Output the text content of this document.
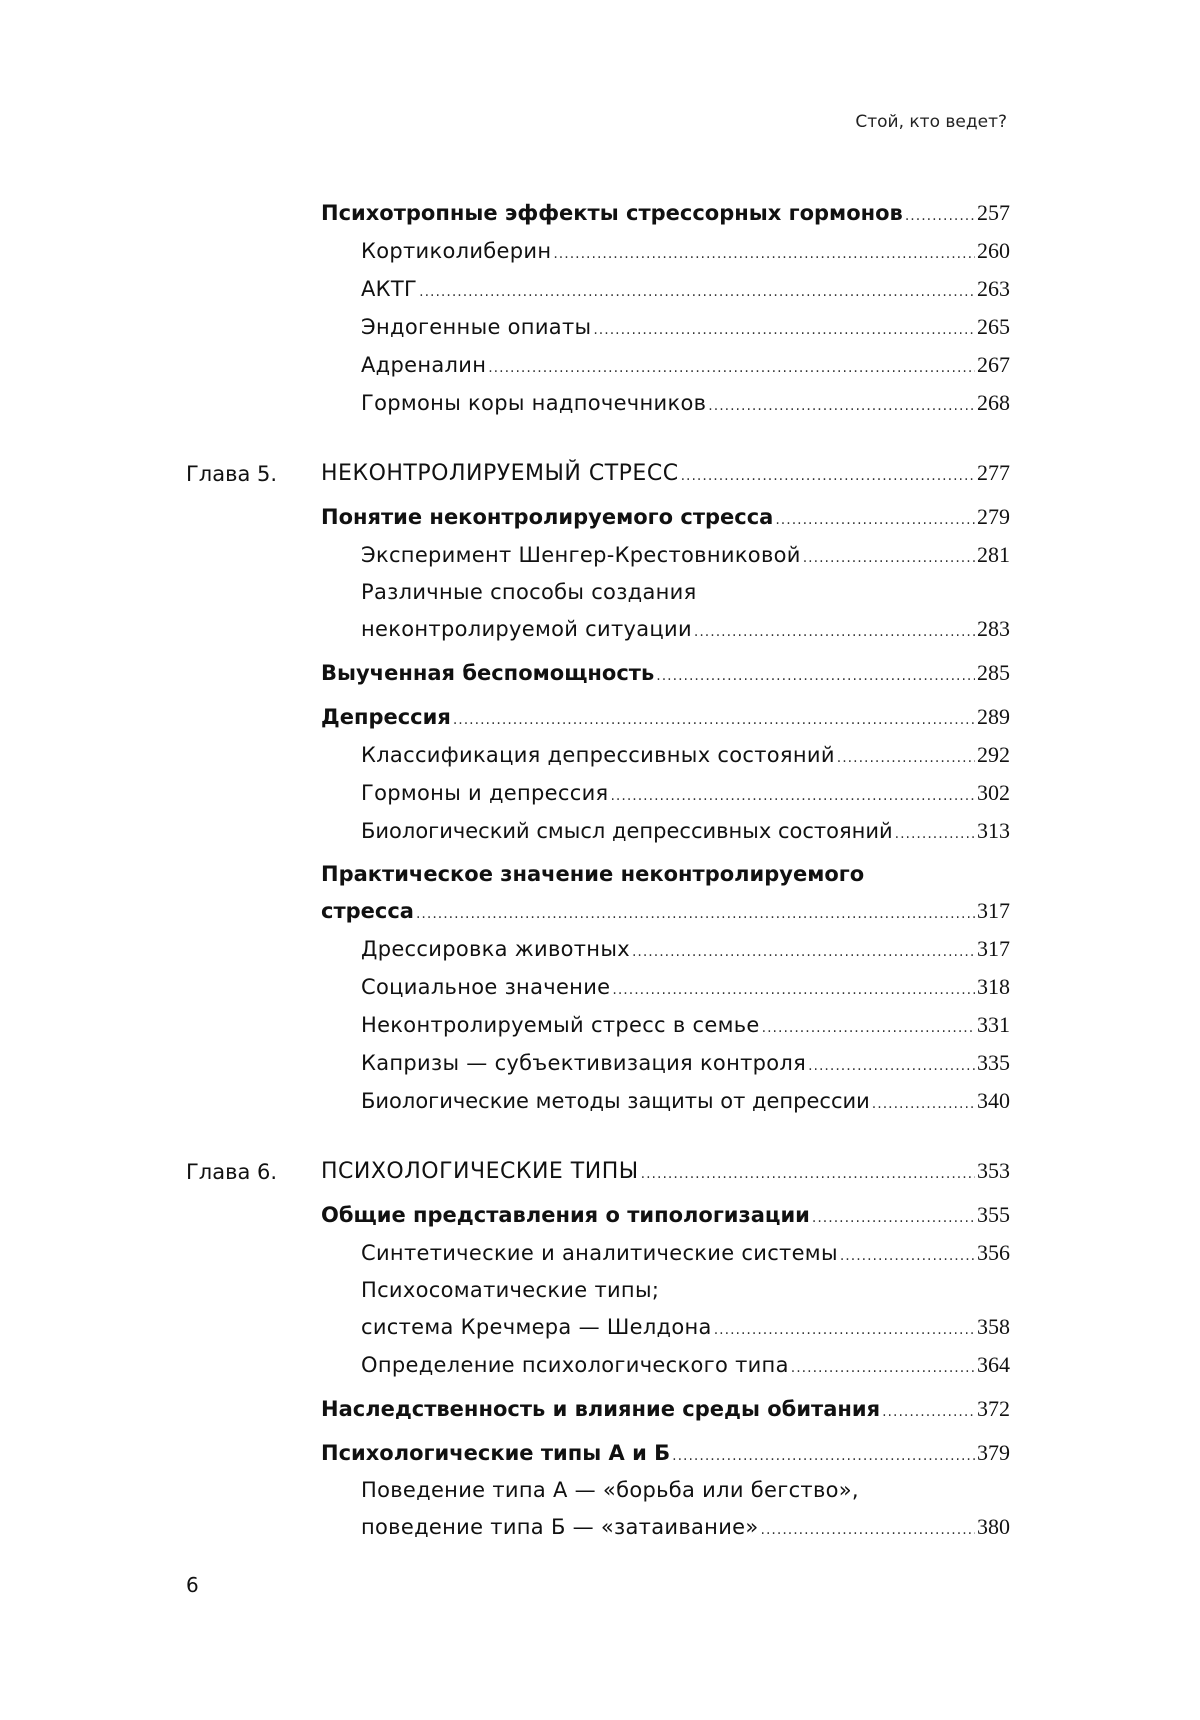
Стой, кто ведет?
Психотропные эффекты стрессорных гормонов .....	257
Кортиколиберин .....	260
АКТГ .....	263
Эндогенные опиаты .....	265
Адреналин .....	267
Гормоны коры надпочечников .....	268
Глава 5. НЕКОНТРОЛИРУЕМЫЙ СТРЕСС .....	277
Понятие неконтролируемого стресса .....	279
Эксперимент Шенгер-Крестовниковой .....	281
Различные способы создания
неконтролируемой ситуации .....	283
Выученная беспомощность .....	285
Депрессия .....	289
Классификация депрессивных состояний .....	292
Гормоны и депрессия .....	302
Биологический смысл депрессивных состояний .....	313
Практическое значение неконтролируемого
стресса .....	317
Дрессировка животных .....	317
Социальное значение .....	318
Неконтролируемый стресс в семье .....	331
Капризы — субъективизация контроля .....	335
Биологические методы защиты от депрессии .....	340
Глава 6. ПСИХОЛОГИЧЕСКИЕ ТИПЫ .....	353
Общие представления о типологизации .....	355
Синтетические и аналитические системы .....	356
Психосоматические типы;
система Кречмера — Шелдона .....	358
Определение психологического типа .....	364
Наследственность и влияние среды обитания .....	372
Психологические типы А и Б .....	379
Поведение типа А — «борьба или бегство»,
поведение типа Б — «затаивание» .....	380
6
